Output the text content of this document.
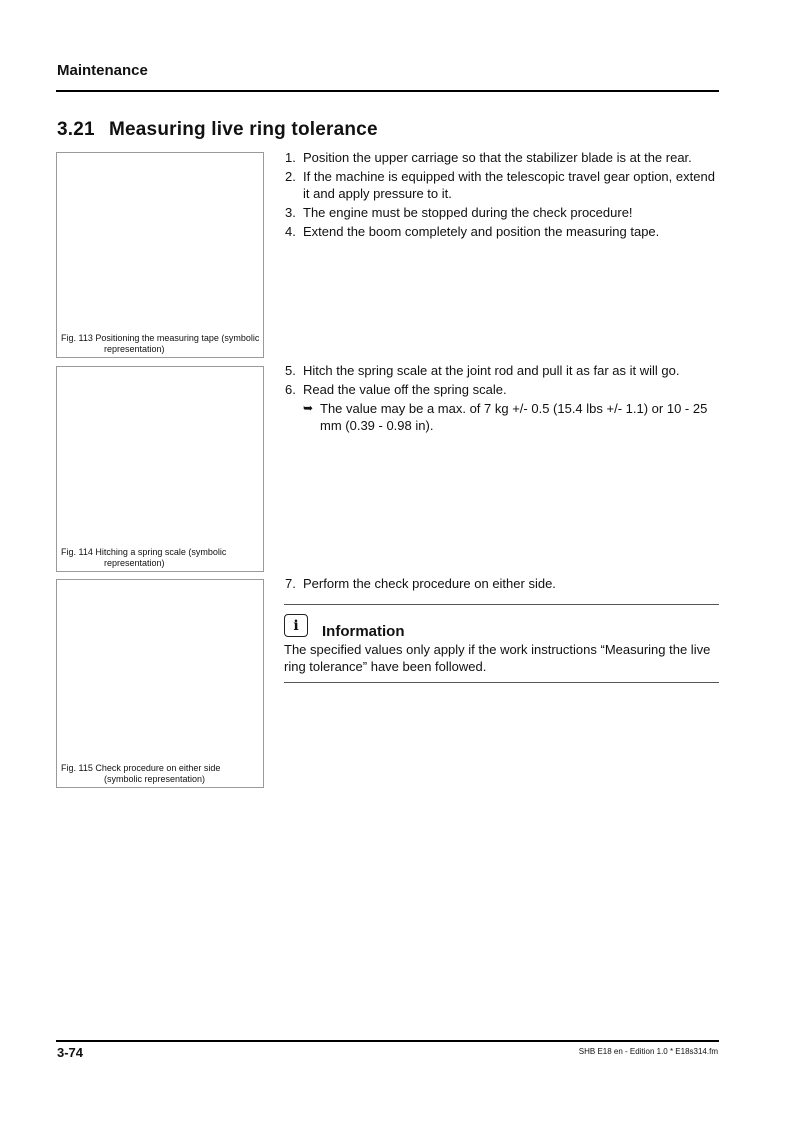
Maintenance
3.21 Measuring live ring tolerance
Fig. 113 Positioning the measuring tape (symbolic
representation)
Fig. 114 Hitching a spring scale (symbolic
representation)
Fig. 115 Check procedure on either side
(symbolic representation)
1. Position the upper carriage so that the stabilizer blade is at the rear.
2. If the machine is equipped with the telescopic travel gear option, extend it and apply pressure to it.
3. The engine must be stopped during the check procedure!
4. Extend the boom completely and position the measuring tape.
5. Hitch the spring scale at the joint rod and pull it as far as it will go.
6. Read the value off the spring scale.
➥ The value may be a max. of 7 kg +/- 0.5 (15.4 lbs +/- 1.1) or 10 - 25 mm (0.39 - 0.98 in).
7. Perform the check procedure on either side.
i Information
The specified values only apply if the work instructions “Measuring the live ring tolerance” have been followed.
3-74	SHB E18 en - Edition 1.0 * E18s314.fm
